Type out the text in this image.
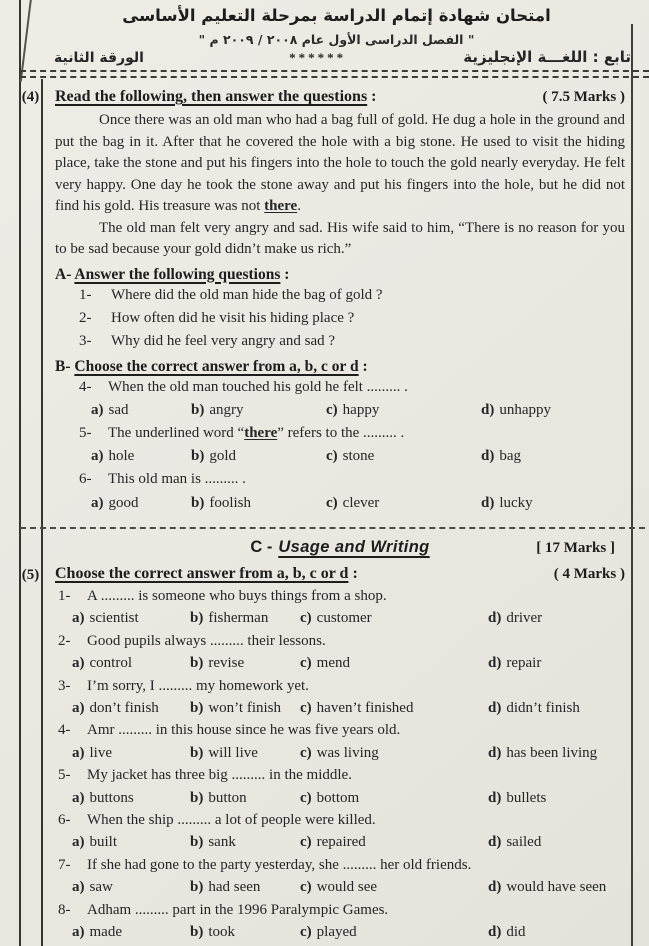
امتحان شهادة إتمام الدراسة بمرحلة التعليم الأساسى
" الفصل الدراسى الأول عام ٢٠٠٨ / ٢٠٠٩ م "
الورقة الثانية	******	تابع : اللغـــة الإنجليزية
(4)
(5)
Read the following, then answer the questions :	( 7.5 Marks )

Once there was an old man who had a bag full of gold. He dug a hole in the ground and put the bag in it. After that he covered the hole with a big stone. He used to visit the hiding place, take the stone and put his fingers into the hole to touch the gold nearly everyday. He felt very happy. One day he took the stone away and put his fingers into the hole, but he did not find his gold. His treasure was not there.

The old man felt very angry and sad. His wife said to him, “There is no reason for you to be sad because your gold didn’t make us rich.”

A- Answer the following questions :
1-	Where did the old man hide the bag of gold ?
2-	How often did he visit his hiding place ?
3-	Why did he feel very angry and sad ?
B- Choose the correct answer from a, b, c or d :
4-	When the old man touched his gold he felt ......... .
a) sad	b) angry	c) happy	d) unhappy
5-	The underlined word “there” refers to the ......... .
a) hole	b) gold	c) stone	d) bag
6-	This old man is ......... .
a) good	b) foolish	c) clever	d) lucky
C - Usage and Writing	[ 17 Marks ]
Choose the correct answer from a, b, c or d :	( 4 Marks )
1-	A ......... is someone who buys things from a shop.
a) scientist	b) fisherman	c) customer	d) driver
2-	Good pupils always ......... their lessons.
a) control	b) revise	c) mend	d) repair
3-	I’m sorry, I ......... my homework yet.
a) don’t finish	b) won’t finish	c) haven’t finished	d) didn’t finish
4-	Amr ......... in this house since he was five years old.
a) live	b) will live	c) was living	d) has been living
5-	My jacket has three big ......... in the middle.
a) buttons	b) button	c) bottom	d) bullets
6-	When the ship ......... a lot of people were killed.
a) built	b) sank	c) repaired	d) sailed
7-	If she had gone to the party yesterday, she ......... her old friends.
a) saw	b) had seen	c) would see	d) would have seen
8-	Adham ......... part in the 1996 Paralympic Games.
a) made	b) took	c) played	d) did
